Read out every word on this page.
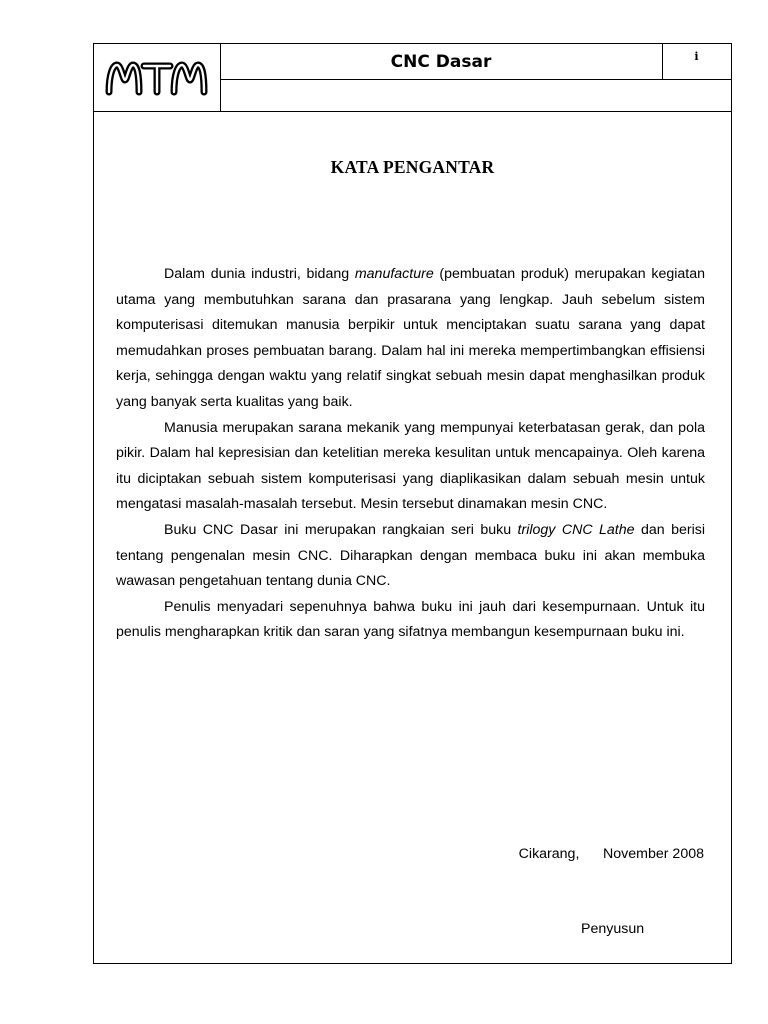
CNC Dasar	i
KATA PENGANTAR

Dalam dunia industri, bidang manufacture (pembuatan produk) merupakan kegiatan utama yang membutuhkan sarana dan prasarana yang lengkap. Jauh sebelum sistem komputerisasi ditemukan manusia berpikir untuk menciptakan suatu sarana yang dapat memudahkan proses pembuatan barang. Dalam hal ini mereka mempertimbangkan effisiensi kerja, sehingga dengan waktu yang relatif singkat sebuah mesin dapat menghasilkan produk yang banyak serta kualitas yang baik.

Manusia merupakan sarana mekanik yang mempunyai keterbatasan gerak, dan pola pikir. Dalam hal kepresisian dan ketelitian mereka kesulitan untuk mencapainya. Oleh karena itu diciptakan sebuah sistem komputerisasi yang diaplikasikan dalam sebuah mesin untuk mengatasi masalah-masalah tersebut. Mesin tersebut dinamakan mesin CNC.

Buku CNC Dasar ini merupakan rangkaian seri buku trilogy CNC Lathe dan berisi tentang pengenalan mesin CNC. Diharapkan dengan membaca buku ini akan membuka wawasan pengetahuan tentang dunia CNC.

Penulis menyadari sepenuhnya bahwa buku ini jauh dari kesempurnaan. Untuk itu penulis mengharapkan kritik dan saran yang sifatnya membangun kesempurnaan buku ini.

Cikarang,      November 2008
Penyusun
